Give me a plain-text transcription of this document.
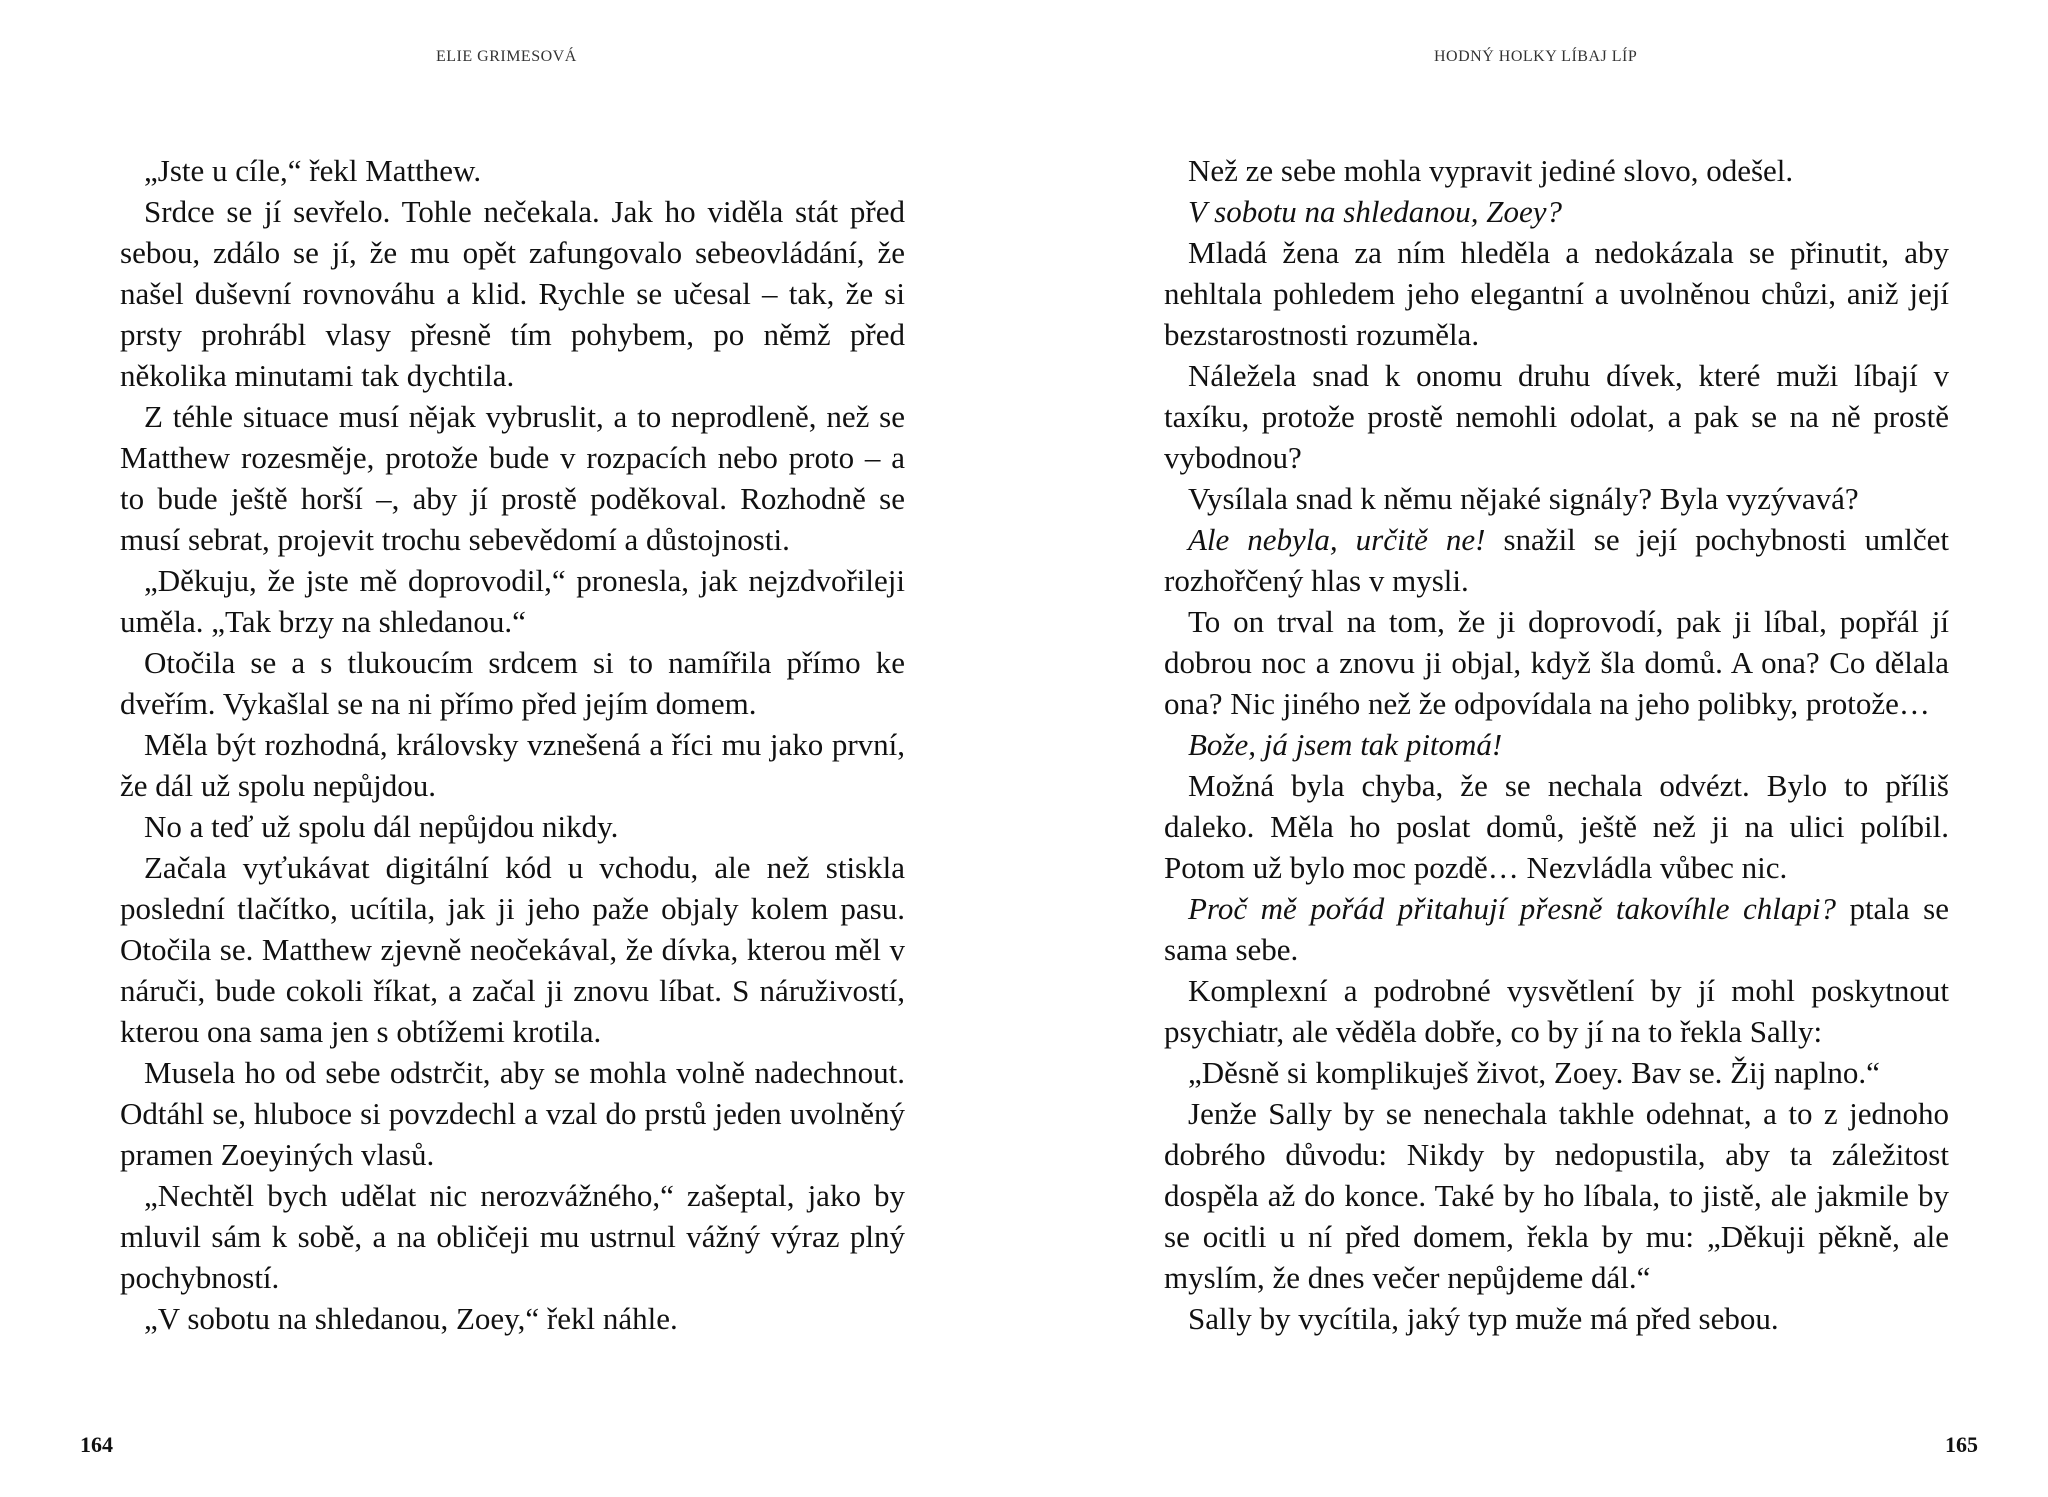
ELIE GRIMESOVÁ

„Jste u cíle,“ řekl Matthew.

Srdce se jí sevřelo. Tohle nečekala. Jak ho viděla stát před sebou, zdálo se jí, že mu opět zafungovalo sebeovládání, že našel duševní rovnováhu a klid. Rychle se učesal – tak, že si prsty prohrábl vlasy přesně tím pohybem, po němž před několika minutami tak dychtila.

Z téhle situace musí nějak vybruslit, a to neprodleně, než se Matthew rozesměje, protože bude v rozpacích nebo proto – a to bude ještě horší –, aby jí prostě poděkoval. Rozhodně se musí sebrat, projevit trochu sebevědomí a důstojnosti.

„Děkuju, že jste mě doprovodil,“ pronesla, jak nejzdvořileji uměla. „Tak brzy na shledanou.“

Otočila se a s tlukoucím srdcem si to namířila přímo ke dveřím. Vykašlal se na ni přímo před jejím domem.

Měla být rozhodná, královsky vznešená a říci mu jako první, že dál už spolu nepůjdou.

No a teď už spolu dál nepůjdou nikdy.

Začala vyťukávat digitální kód u vchodu, ale než stiskla poslední tlačítko, ucítila, jak ji jeho paže objaly kolem pasu. Otočila se. Matthew zjevně neočekával, že dívka, kterou měl v náruči, bude cokoli říkat, a začal ji znovu líbat. S náruživostí, kterou ona sama jen s obtížemi krotila.

Musela ho od sebe odstrčit, aby se mohla volně nadechnout. Odtáhl se, hluboce si povzdechl a vzal do prstů jeden uvolněný pramen Zoeyiných vlasů.

„Nechtěl bych udělat nic nerozvážného,“ zašeptal, jako by mluvil sám k sobě, a na obličeji mu ustrnul vážný výraz plný pochybností.

„V sobotu na shledanou, Zoey,“ řekl náhle.

164
HODNÝ HOLKY LÍBAJ LÍP

Než ze sebe mohla vypravit jediné slovo, odešel.

V sobotu na shledanou, Zoey?

Mladá žena za ním hleděla a nedokázala se přinutit, aby nehltala pohledem jeho elegantní a uvolněnou chůzi, aniž její bezstarostnosti rozuměla.

Náležela snad k onomu druhu dívek, které muži líbají v taxíku, protože prostě nemohli odolat, a pak se na ně prostě vybodnou?

Vysílala snad k němu nějaké signály? Byla vyzývavá?

Ale nebyla, určitě ne! snažil se její pochybnosti umlčet rozhořčený hlas v mysli.

To on trval na tom, že ji doprovodí, pak ji líbal, popřál jí dobrou noc a znovu ji objal, když šla domů. A ona? Co dělala ona? Nic jiného než že odpovídala na jeho polibky, protože…

Bože, já jsem tak pitomá!

Možná byla chyba, že se nechala odvézt. Bylo to příliš daleko. Měla ho poslat domů, ještě než ji na ulici políbil. Potom už bylo moc pozdě… Nezvládla vůbec nic.

Proč mě pořád přitahují přesně takovíhle chlapi? ptala se sama sebe.

Komplexní a podrobné vysvětlení by jí mohl poskytnout psychiatr, ale věděla dobře, co by jí na to řekla Sally:

„Děsně si komplikuješ život, Zoey. Bav se. Žij naplno.“

Jenže Sally by se nenechala takhle odehnat, a to z jednoho dobrého důvodu: Nikdy by nedopustila, aby ta záležitost dospěla až do konce. Také by ho líbala, to jistě, ale jakmile by se ocitli u ní před domem, řekla by mu: „Děkuji pěkně, ale myslím, že dnes večer nepůjdeme dál.“

Sally by vycítila, jaký typ muže má před sebou.

165
